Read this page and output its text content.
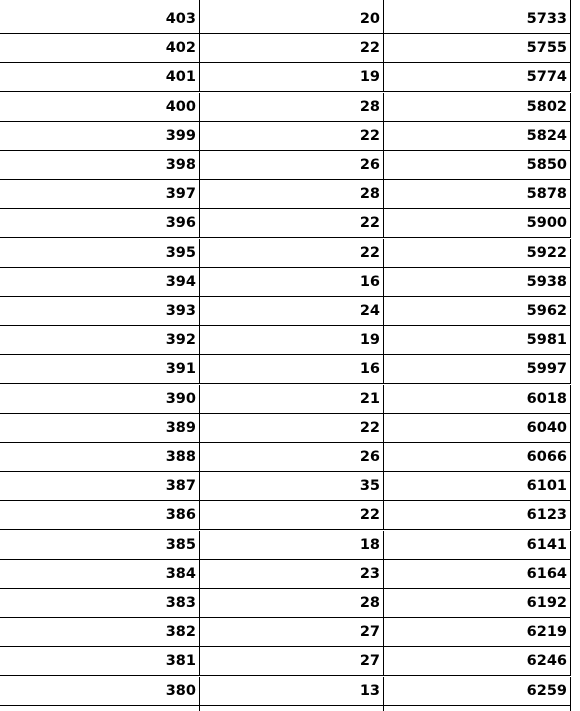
403	20	5733
402	22	5755
401	19	5774
400	28	5802
399	22	5824
398	26	5850
397	28	5878
396	22	5900
395	22	5922
394	16	5938
393	24	5962
392	19	5981
391	16	5997
390	21	6018
389	22	6040
388	26	6066
387	35	6101
386	22	6123
385	18	6141
384	23	6164
383	28	6192
382	27	6219
381	27	6246
380	13	6259
